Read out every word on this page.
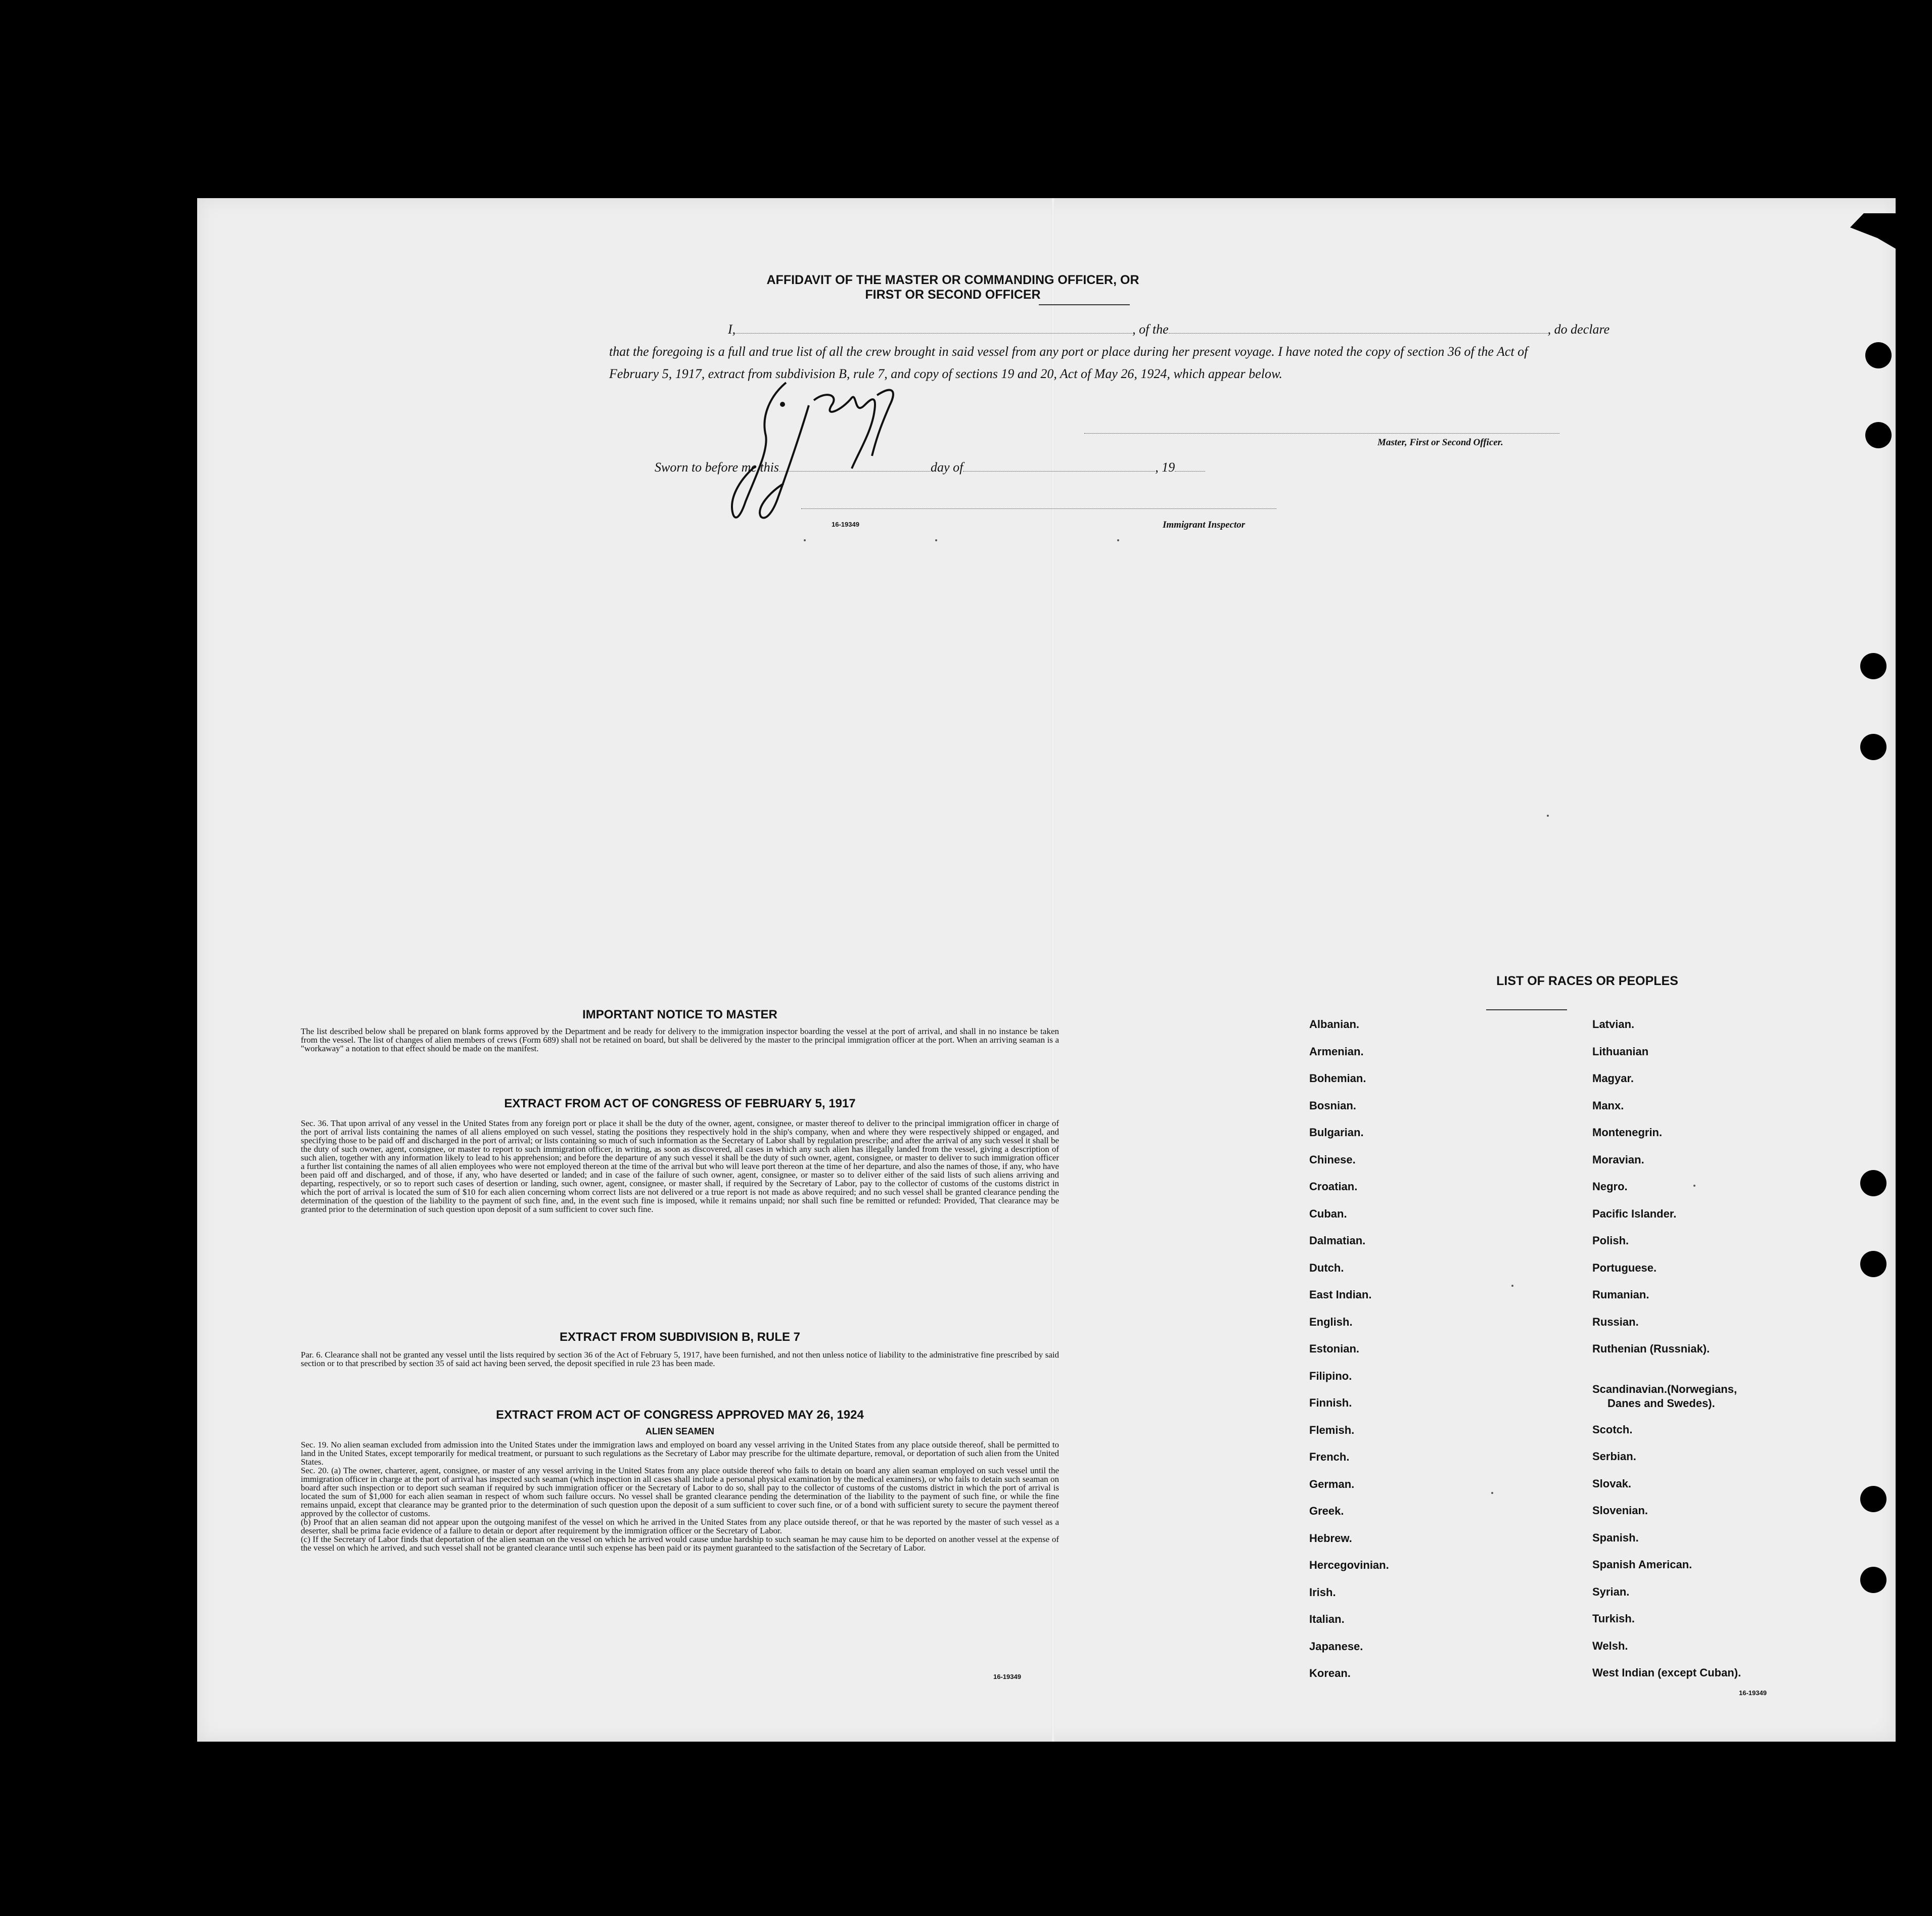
AFFIDAVIT OF THE MASTER OR COMMANDING OFFICER, OR FIRST OR SECOND OFFICER
I,	, of the	, do declare
that the foregoing is a full and true list of all the crew brought in said vessel from any port or place during her present voyage. I have noted the copy of section 36 of the Act of February 5, 1917, extract from subdivision B, rule 7, and copy of sections 19 and 20, Act of May 26, 1924, which appear below.
Master, First or Second Officer.
Sworn to before me this	day of	, 19
16-19349	Immigrant Inspector
IMPORTANT NOTICE TO MASTER
The list described below shall be prepared on blank forms approved by the Department and be ready for delivery to the immigration inspector boarding the vessel at the port of arrival, and shall in no instance be taken from the vessel. The list of changes of alien members of crews (Form 689) shall not be retained on board, but shall be delivered by the master to the principal immigration officer at the port. When an arriving seaman is a "workaway" a notation to that effect should be made on the manifest.
EXTRACT FROM ACT OF CONGRESS OF FEBRUARY 5, 1917
Sec. 36. That upon arrival of any vessel in the United States from any foreign port or place it shall be the duty of the owner, agent, consignee, or master thereof to deliver to the principal immigration officer in charge of the port of arrival lists containing the names of all aliens employed on such vessel, stating the positions they respectively hold in the ship's company, when and where they were respectively shipped or engaged, and specifying those to be paid off and discharged in the port of arrival; or lists containing so much of such information as the Secretary of Labor shall by regulation prescribe; and after the arrival of any such vessel it shall be the duty of such owner, agent, consignee, or master to report to such immigration officer, in writing, as soon as discovered, all cases in which any such alien has illegally landed from the vessel, giving a description of such alien, together with any information likely to lead to his apprehension; and before the departure of any such vessel it shall be the duty of such owner, agent, consignee, or master to deliver to such immigration officer a further list containing the names of all alien employees who were not employed thereon at the time of the arrival but who will leave port thereon at the time of her departure, and also the names of those, if any, who have been paid off and discharged, and of those, if any, who have deserted or landed; and in case of the failure of such owner, agent, consignee, or master so to deliver either of the said lists of such aliens arriving and departing, respectively, or so to report such cases of desertion or landing, such owner, agent, consignee, or master shall, if required by the Secretary of Labor, pay to the collector of customs of the customs district in which the port of arrival is located the sum of $10 for each alien concerning whom correct lists are not delivered or a true report is not made as above required; and no such vessel shall be granted clearance pending the determination of the question of the liability to the payment of such fine, and, in the event such fine is imposed, while it remains unpaid; nor shall such fine be remitted or refunded: Provided, That clearance may be granted prior to the determination of such question upon deposit of a sum sufficient to cover such fine.
EXTRACT FROM SUBDIVISION B, RULE 7
Par. 6. Clearance shall not be granted any vessel until the lists required by section 36 of the Act of February 5, 1917, have been furnished, and not then unless notice of liability to the administrative fine prescribed by said section or to that prescribed by section 35 of said act having been served, the deposit specified in rule 23 has been made.
EXTRACT FROM ACT OF CONGRESS APPROVED MAY 26, 1924
ALIEN SEAMEN
Sec. 19. No alien seaman excluded from admission into the United States under the immigration laws and employed on board any vessel arriving in the United States from any place outside thereof, shall be permitted to land in the United States, except temporarily for medical treatment, or pursuant to such regulations as the Secretary of Labor may prescribe for the ultimate departure, removal, or deportation of such alien from the United States.
Sec. 20. (a) The owner, charterer, agent, consignee, or master of any vessel arriving in the United States from any place outside thereof who fails to detain on board any alien seaman employed on such vessel until the immigration officer in charge at the port of arrival has inspected such seaman (which inspection in all cases shall include a personal physical examination by the medical examiners), or who fails to detain such seaman on board after such inspection or to deport such seaman if required by such immigration officer or the Secretary of Labor to do so, shall pay to the collector of customs of the customs district in which the port of arrival is located the sum of $1,000 for each alien seaman in respect of whom such failure occurs. No vessel shall be granted clearance pending the determination of the liability to the payment of such fine, or while the fine remains unpaid, except that clearance may be granted prior to the determination of such question upon the deposit of a sum sufficient to cover such fine, or of a bond with sufficient surety to secure the payment thereof approved by the collector of customs.
(b) Proof that an alien seaman did not appear upon the outgoing manifest of the vessel on which he arrived in the United States from any place outside thereof, or that he was reported by the master of such vessel as a deserter, shall be prima facie evidence of a failure to detain or deport after requirement by the immigration officer or the Secretary of Labor.
(c) If the Secretary of Labor finds that deportation of the alien seaman on the vessel on which he arrived would cause undue hardship to such seaman he may cause him to be deported on another vessel at the expense of the vessel on which he arrived, and such vessel shall not be granted clearance until such expense has been paid or its payment guaranteed to the satisfaction of the Secretary of Labor.
16-19349
LIST OF RACES OR PEOPLES
Albanian.
Armenian.
Bohemian.
Bosnian.
Bulgarian.
Chinese.
Croatian.
Cuban.
Dalmatian.
Dutch.
East Indian.
English.
Estonian.
Filipino.
Finnish.
Flemish.
French.
German.
Greek.
Hebrew.
Hercegovinian.
Irish.
Italian.
Japanese.
Korean.
Latvian.
Lithuanian
Magyar.
Manx.
Montenegrin.
Moravian.
Negro.
Pacific Islander.
Polish.
Portuguese.
Rumanian.
Russian.
Ruthenian (Russniak).
Scandinavian.(Norwegians,
Danes and Swedes).
Scotch.
Serbian.
Slovak.
Slovenian.
Spanish.
Spanish American.
Syrian.
Turkish.
Welsh.
West Indian (except Cuban).
16-19349
